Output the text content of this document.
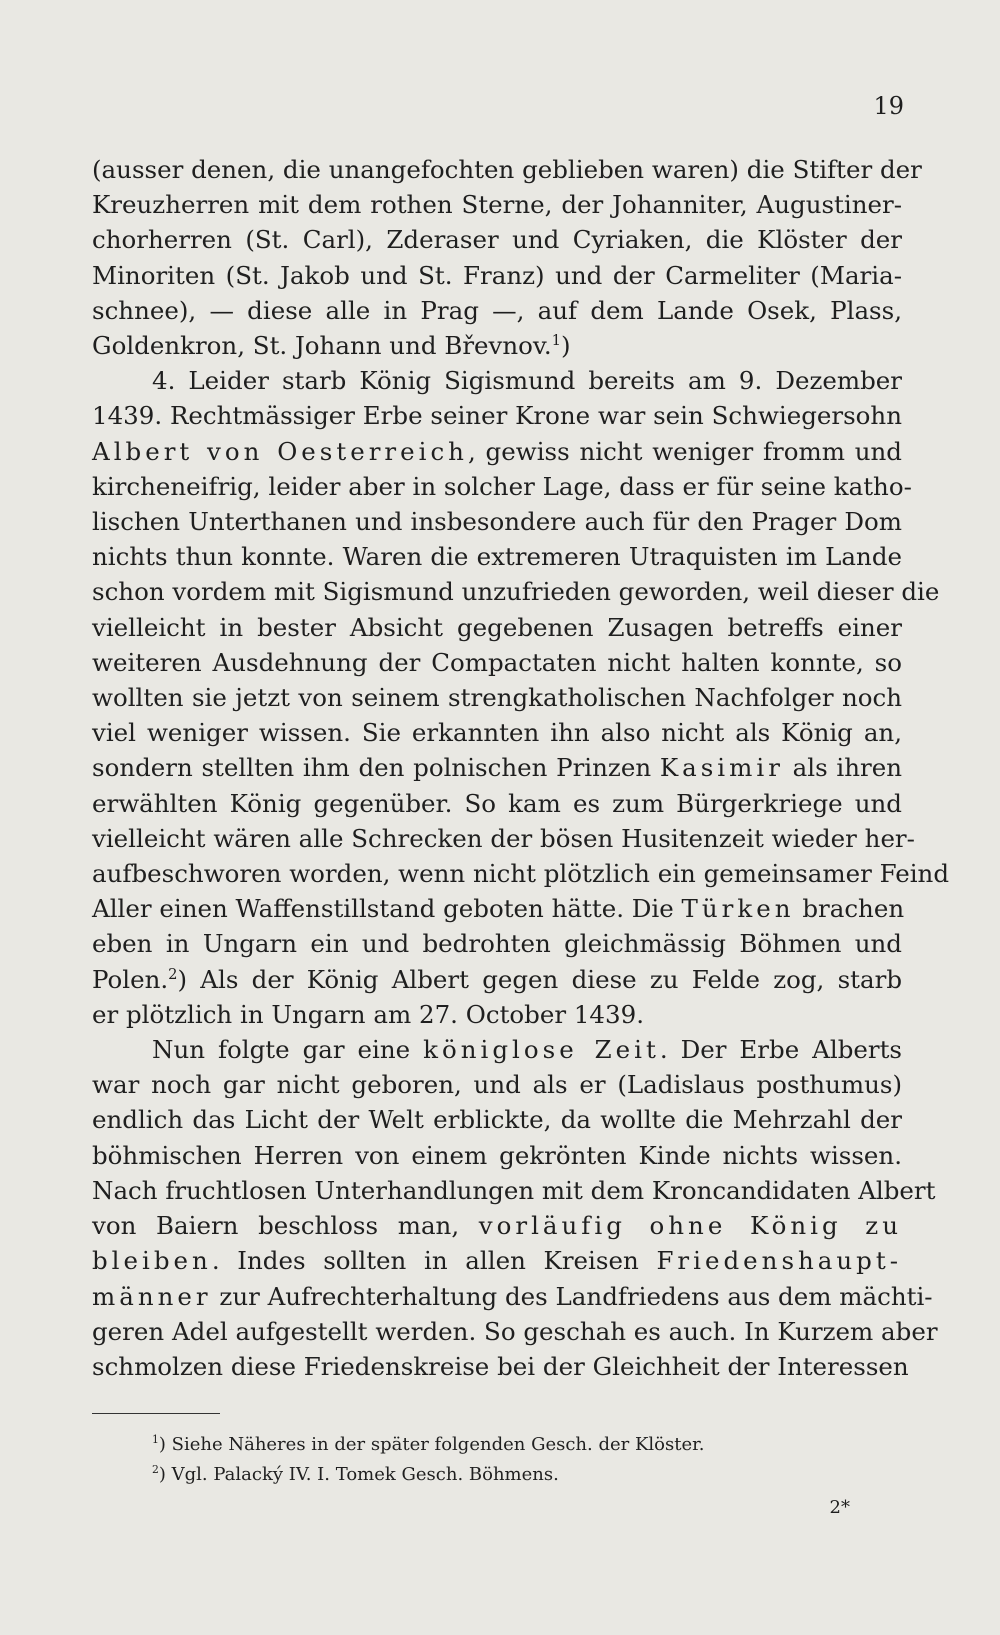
19
(ausser denen, die unangefochten geblieben waren) die Stifter der
Kreuzherren mit dem rothen Sterne, der Johanniter, Augustiner-
chorherren (St. Carl), Zderaser und Cyriaken, die Klöster der
Minoriten (St. Jakob und St. Franz) und der Carmeliter (Maria-
schnee), — diese alle in Prag —, auf dem Lande Osek, Plass,
Goldenkron, St. Johann und Břevnov.$^1$)
4. Leider starb König Sigismund bereits am 9. Dezember
1439. Rechtmässiger Erbe seiner Krone war sein Schwiegersohn
Albert von Oesterreich, gewiss nicht weniger fromm und
kircheneifrig, leider aber in solcher Lage, dass er für seine katho-
lischen Unterthanen und insbesondere auch für den Prager Dom
nichts thun konnte. Waren die extremeren Utraquisten im Lande
schon vordem mit Sigismund unzufrieden geworden, weil dieser die
vielleicht in bester Absicht gegebenen Zusagen betreffs einer
weiteren Ausdehnung der Compactaten nicht halten konnte, so
wollten sie jetzt von seinem strengkatholischen Nachfolger noch
viel weniger wissen. Sie erkannten ihn also nicht als König an,
sondern stellten ihm den polnischen Prinzen Kasimir als ihren
erwählten König gegenüber. So kam es zum Bürgerkriege und
vielleicht wären alle Schrecken der bösen Husitenzeit wieder her-
aufbeschworen worden, wenn nicht plötzlich ein gemeinsamer Feind
Aller einen Waffenstillstand geboten hätte. Die Türken brachen
eben in Ungarn ein und bedrohten gleichmässig Böhmen und
Polen.$^2$) Als der König Albert gegen diese zu Felde zog, starb
er plötzlich in Ungarn am 27. October 1439.
Nun folgte gar eine königlose Zeit. Der Erbe Alberts
war noch gar nicht geboren, und als er (Ladislaus posthumus)
endlich das Licht der Welt erblickte, da wollte die Mehrzahl der
böhmischen Herren von einem gekrönten Kinde nichts wissen.
Nach fruchtlosen Unterhandlungen mit dem Kroncandidaten Albert
von Baiern beschloss man, vorläufig ohne König zu
bleiben. Indes sollten in allen Kreisen Friedenshaupt-
männer zur Aufrechterhaltung des Landfriedens aus dem mächti-
geren Adel aufgestellt werden. So geschah es auch. In Kurzem aber
schmolzen diese Friedenskreise bei der Gleichheit der Interessen
$^1$) Siehe Näheres in der später folgenden Gesch. der Klöster.
$^2$) Vgl. Palacký IV. I. Tomek Gesch. Böhmens.
2*
